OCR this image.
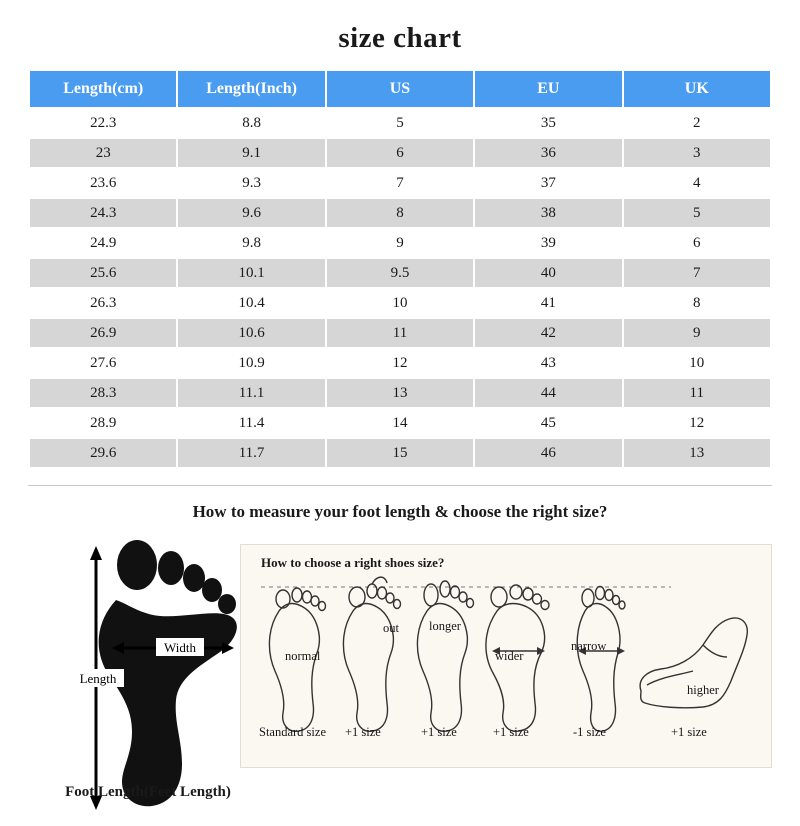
size chart
Length(cm)	Length(Inch)	US	EU	UK
22.3	8.8	5	35	2
23	9.1	6	36	3
23.6	9.3	7	37	4
24.3	9.6	8	38	5
24.9	9.8	9	39	6
25.6	10.1	9.5	40	7
26.3	10.4	10	41	8
26.9	10.6	11	42	9
27.6	10.9	12	43	10
28.3	11.1	13	44	11
28.9	11.4	14	45	12
29.6	11.7	15	46	13
How to measure your foot length & choose the right size?
Width
Length
Foot Length(Feet Length)
How to choose a right shoes size?
normal
out longer
wider
narrow
higher
Standard size +1 size	+1 size	+1 size	-1 size	+1 size
